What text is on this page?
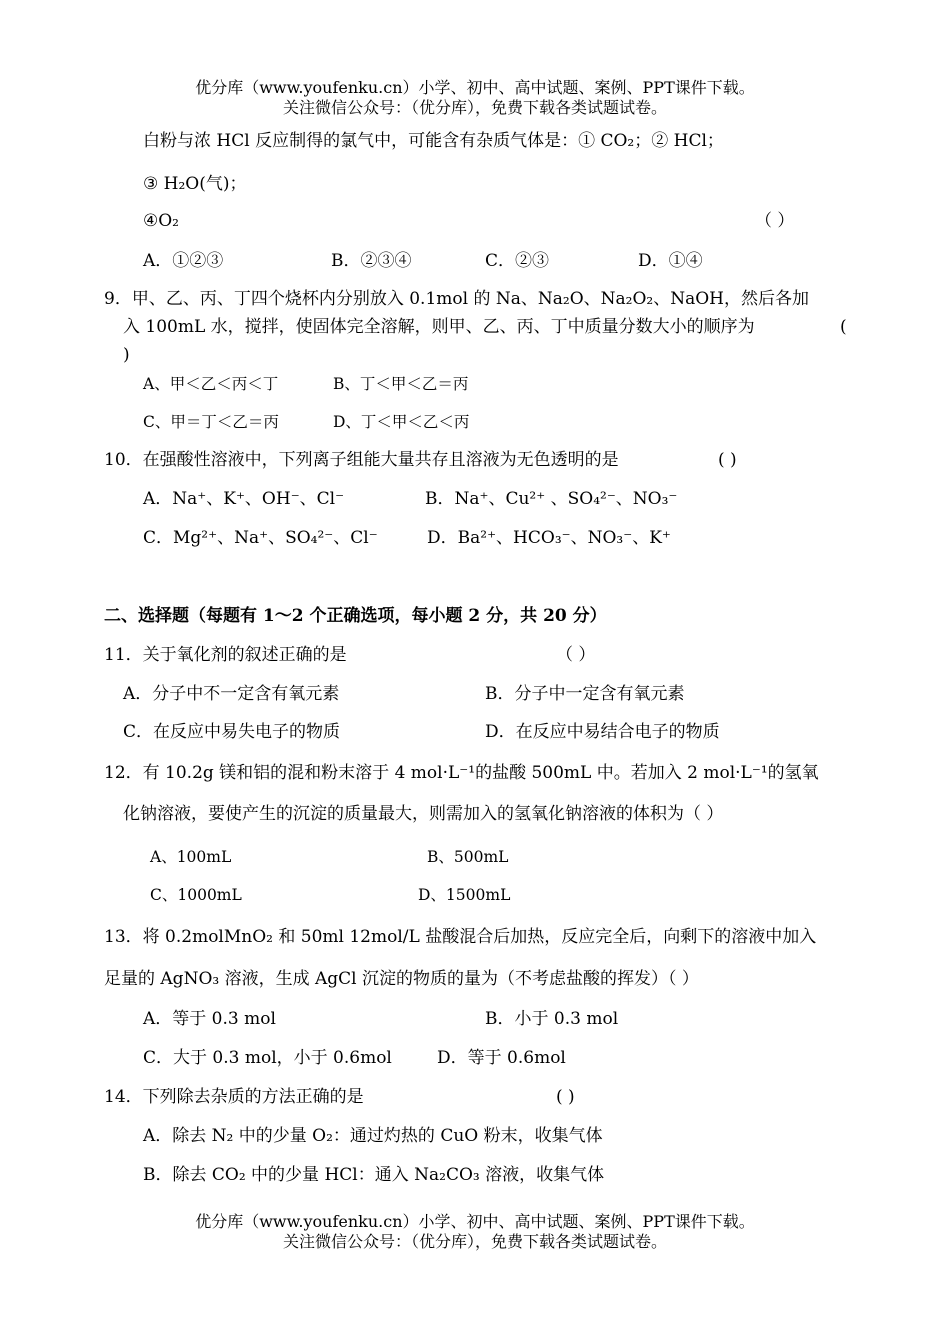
优分库（www.youfenku.cn）小学、初中、高中试题、案例、PPT课件下载。
关注微信公众号：（优分库），免费下载各类试题试卷。
白粉与浓 HCl 反应制得的氯气中，可能含有杂质气体是：① CO₂；② HCl；
③ H₂O(气)；
④O₂	（ ）
A．①②③	B．②③④	C．②③	D．①④
9．甲、乙、丙、丁四个烧杯内分别放入 0.1mol 的 Na、Na₂O、Na₂O₂、NaOH，然后各加
入 100mL 水，搅拌，使固体完全溶解，则甲、乙、丙、丁中质量分数大小的顺序为	(
)
A、甲＜乙＜丙＜丁	B、丁＜甲＜乙＝丙
C、甲＝丁＜乙＝丙	D、丁＜甲＜乙＜丙
10．在强酸性溶液中，下列离子组能大量共存且溶液为无色透明的是	( )
A．Na⁺、K⁺、OH⁻、Cl⁻	B．Na⁺、Cu²⁺ 、SO₄²⁻、NO₃⁻
C．Mg²⁺、Na⁺、SO₄²⁻、Cl⁻	D．Ba²⁺、HCO₃⁻、NO₃⁻、K⁺
二、选择题（每题有 1～2 个正确选项，每小题 2 分，共 20 分）
11．关于氧化剂的叙述正确的是	（ ）
A．分子中不一定含有氧元素	B．分子中一定含有氧元素
C．在反应中易失电子的物质	D．在反应中易结合电子的物质
12．有 10.2g 镁和铝的混和粉末溶于 4 mol·L⁻¹的盐酸 500mL 中。若加入 2 mol·L⁻¹的氢氧
化钠溶液，要使产生的沉淀的质量最大，则需加入的氢氧化钠溶液的体积为（ ）
A、100mL	B、500mL
C、1000mL	D、1500mL
13．将 0.2molMnO₂ 和 50ml 12mol/L 盐酸混合后加热，反应完全后，向剩下的溶液中加入
足量的 AgNO₃ 溶液，生成 AgCl 沉淀的物质的量为（不考虑盐酸的挥发）（ ）
A．等于 0.3 mol	B．小于 0.3 mol
C．大于 0.3 mol，小于 0.6mol	D．等于 0.6mol
14．下列除去杂质的方法正确的是	( )
A．除去 N₂ 中的少量 O₂：通过灼热的 CuO 粉末，收集气体
B．除去 CO₂ 中的少量 HCl：通入 Na₂CO₃ 溶液，收集气体
优分库（www.youfenku.cn）小学、初中、高中试题、案例、PPT课件下载。
关注微信公众号：（优分库），免费下载各类试题试卷。
